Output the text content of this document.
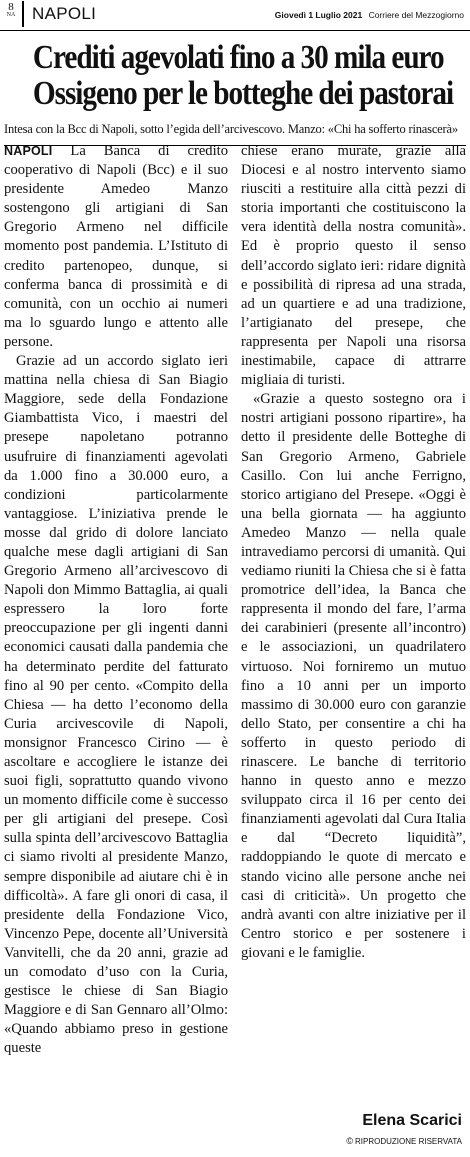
8
NA NAPOLI	Giovedì 1 Luglio 2021 Corriere del Mezzogiorno
Crediti agevolati fino a 30 mila euro
Ossigeno per le botteghe dei pastorai
Intesa con la Bcc di Napoli, sotto l’egida dell’arcivescovo. Manzo: «Chi ha sofferto rinascerà»

NAPOLI La Banca di credito cooperativo di Napoli (Bcc) e il suo presidente Amedeo Manzo sostengono gli artigiani di San Gregorio Armeno nel difficile momento post pandemia. L’Istituto di credito partenopeo, dunque, si conferma banca di prossimità e di comunità, con un occhio ai numeri ma lo sguardo lungo e attento alle persone.

Grazie ad un accordo siglato ieri mattina nella chiesa di San Biagio Maggiore, sede della Fondazione Giambattista Vico, i maestri del presepe napoletano potranno usufruire di finanziamenti agevolati da 1.000 fino a 30.000 euro, a condizioni particolarmente vantaggiose. L’iniziativa prende le mosse dal grido di dolore lanciato qualche mese dagli artigiani di San Gregorio Armeno all’arcivescovo di Napoli don Mimmo Battaglia, ai quali espressero la loro forte preoccupazione per gli ingenti danni economici causati dalla pandemia che ha determinato perdite del fatturato fino al 90 per cento. «Compito della Chiesa — ha detto l’economo della Curia arcivescovile di Napoli, monsignor Francesco Cirino — è ascoltare e accogliere le istanze dei suoi figli, soprattutto quando vivono un momento difficile come è successo per gli artigiani del presepe. Così sulla spinta dell’arcivescovo Battaglia ci siamo rivolti al presidente Manzo, sempre disponibile ad aiutare chi è in difficoltà». A fare gli onori di casa, il presidente della Fondazione Vico, Vincenzo Pepe, docente all’Università Vanvitelli, che da 20 anni, grazie ad un comodato d’uso con la Curia, gestisce le chiese di San Biagio Maggiore e di San Gennaro all’Olmo: «Quando abbiamo preso in gestione queste

chiese erano murate, grazie alla Diocesi e al nostro intervento siamo riusciti a restituire alla città pezzi di storia importanti che costituiscono la vera identità della nostra comunità». Ed è proprio questo il senso dell’accordo siglato ieri: ridare dignità e possibilità di ripresa ad una strada, ad un quartiere e ad una tradizione, l’artigianato del presepe, che rappresenta per Napoli una risorsa inestimabile, capace di attrarre migliaia di turisti.

«Grazie a questo sostegno ora i nostri artigiani possono ripartire», ha detto il presidente delle Botteghe di San Gregorio Armeno, Gabriele Casillo. Con lui anche Ferrigno, storico artigiano del Presepe. «Oggi è una bella giornata — ha aggiunto Amedeo Manzo — nella quale intravediamo percorsi di umanità. Qui vediamo riuniti la Chiesa che si è fatta promotrice dell’idea, la Banca che rappresenta il mondo del fare, l’arma dei carabinieri (presente all’incontro) e le associazioni, un quadrilatero virtuoso. Noi forniremo un mutuo fino a 10 anni per un importo massimo di 30.000 euro con garanzie dello Stato, per consentire a chi ha sofferto in questo periodo di rinascere. Le banche di territorio hanno in questo anno e mezzo sviluppato circa il 16 per cento dei finanziamenti agevolati dal Cura Italia e dal “Decreto liquidità”, raddoppiando le quote di mercato e stando vicino alle persone anche nei casi di criticità». Un progetto che andrà avanti con altre iniziative per il Centro storico e per sostenere i giovani e le famiglie.

Elena Scarici
© RIPRODUZIONE RISERVATA
